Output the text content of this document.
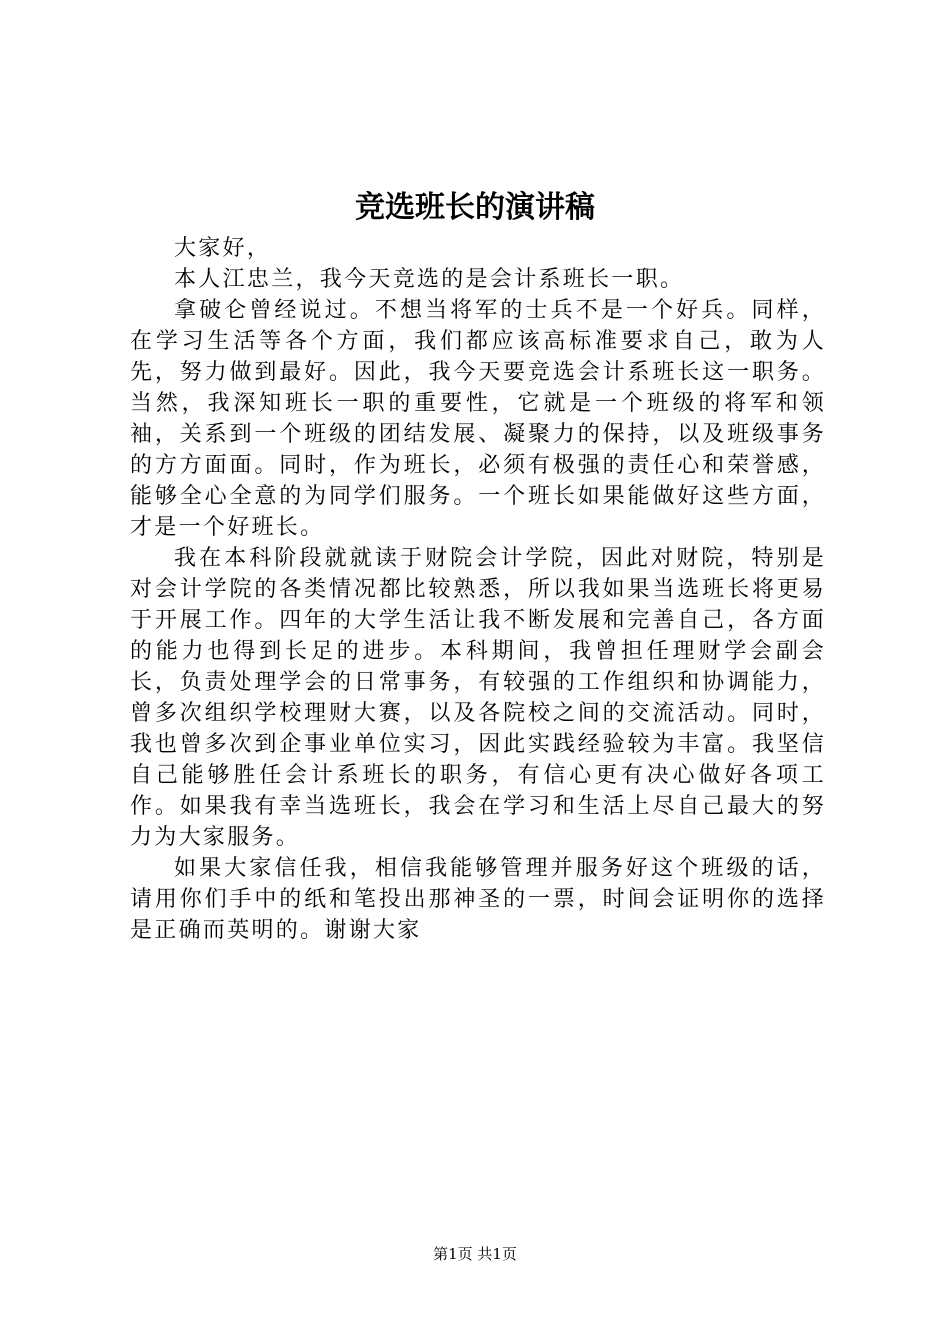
竞选班长的演讲稿

大家好，

本人江忠兰，我今天竞选的是会计系班长一职。

拿破仑曾经说过。不想当将军的士兵不是一个好兵。同样，在学习生活等各个方面，我们都应该高标准要求自己，敢为人先，努力做到最好。因此，我今天要竞选会计系班长这一职务。当然，我深知班长一职的重要性，它就是一个班级的将军和领袖，关系到一个班级的团结发展、凝聚力的保持，以及班级事务的方方面面。同时，作为班长，必须有极强的责任心和荣誉感，能够全心全意的为同学们服务。一个班长如果能做好这些方面，才是一个好班长。

我在本科阶段就就读于财院会计学院，因此对财院，特别是对会计学院的各类情况都比较熟悉，所以我如果当选班长将更易于开展工作。四年的大学生活让我不断发展和完善自己，各方面的能力也得到长足的进步。本科期间，我曾担任理财学会副会长，负责处理学会的日常事务，有较强的工作组织和协调能力，曾多次组织学校理财大赛，以及各院校之间的交流活动。同时，我也曾多次到企事业单位实习，因此实践经验较为丰富。我坚信自己能够胜任会计系班长的职务，有信心更有决心做好各项工作。如果我有幸当选班长，我会在学习和生活上尽自己最大的努力为大家服务。

如果大家信任我，相信我能够管理并服务好这个班级的话，请用你们手中的纸和笔投出那神圣的一票，时间会证明你的选择是正确而英明的。谢谢大家

第1页 共1页
